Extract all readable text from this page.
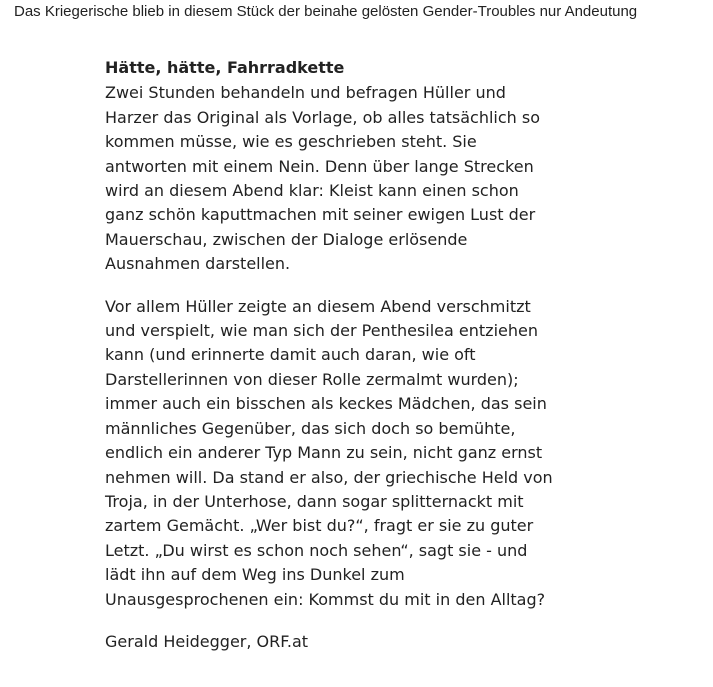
Das Kriegerische blieb in diesem Stück der beinahe gelösten Gender-Troubles nur Andeutung

Hätte, hätte, Fahrradkette

Zwei Stunden behandeln und befragen Hüller und
Harzer das Original als Vorlage, ob alles tatsächlich so
kommen müsse, wie es geschrieben steht. Sie
antworten mit einem Nein. Denn über lange Strecken
wird an diesem Abend klar: Kleist kann einen schon
ganz schön kaputtmachen mit seiner ewigen Lust der
Mauerschau, zwischen der Dialoge erlösende
Ausnahmen darstellen.

Vor allem Hüller zeigte an diesem Abend verschmitzt
und verspielt, wie man sich der Penthesilea entziehen
kann (und erinnerte damit auch daran, wie oft
Darstellerinnen von dieser Rolle zermalmt wurden);
immer auch ein bisschen als keckes Mädchen, das sein
männliches Gegenüber, das sich doch so bemühte,
endlich ein anderer Typ Mann zu sein, nicht ganz ernst
nehmen will. Da stand er also, der griechische Held von
Troja, in der Unterhose, dann sogar splitternackt mit
zartem Gemächt. „Wer bist du?“, fragt er sie zu guter
Letzt. „Du wirst es schon noch sehen“, sagt sie - und
lädt ihn auf dem Weg ins Dunkel zum
Unausgesprochenen ein: Kommst du mit in den Alltag?

Gerald Heidegger, ORF.at
